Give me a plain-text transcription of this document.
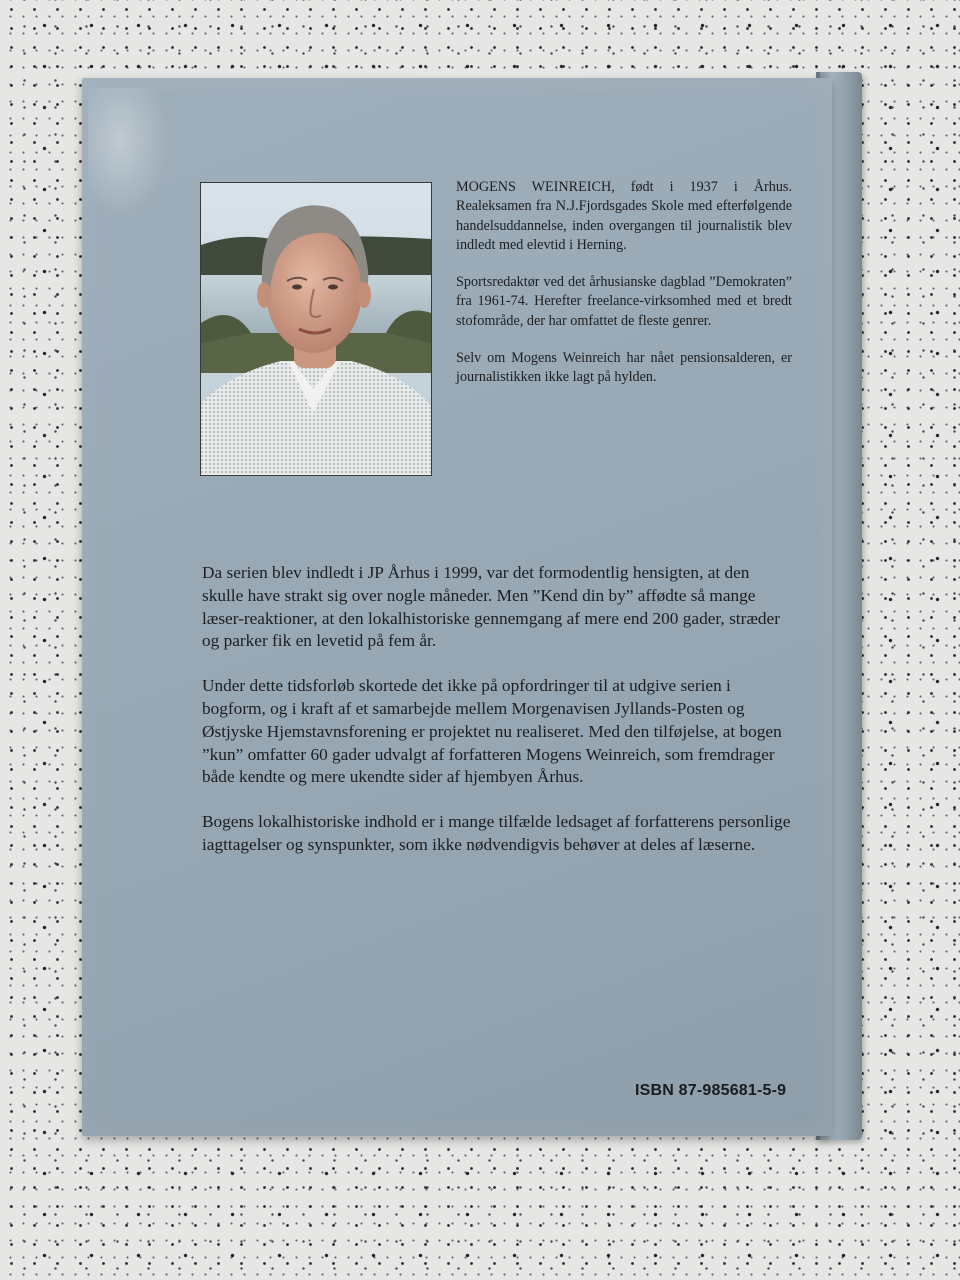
MOGENS WEINREICH, født i 1937 i Århus. Realeksamen fra N.J.Fjordsgades Skole med efterfølgende handelsuddannelse, inden overgangen til journalistik blev indledt med elevtid i Herning.

Sportsredaktør ved det århusianske dagblad ”Demokraten” fra 1961-74. Herefter freelance-virksomhed med et bredt stofområde, der har omfattet de fleste genrer.

Selv om Mogens Weinreich har nået pensionsalderen, er journalistikken ikke lagt på hylden.

Da serien blev indledt i JP Århus i 1999, var det formodentlig hensigten, at den skulle have strakt sig over nogle måneder. Men ”Kend din by” affødte så mange læser-reaktioner, at den lokalhistoriske gennemgang af mere end 200 gader, stræder og parker fik en levetid på fem år.

Under dette tidsforløb skortede det ikke på opfordringer til at udgive serien i bogform, og i kraft af et samarbejde mellem Morgenavisen Jyllands-Posten og Østjyske Hjemstavnsforening er projektet nu realiseret. Med den tilføjelse, at bogen ”kun” omfatter 60 gader udvalgt af forfatteren Mogens Weinreich, som fremdrager både kendte og mere ukendte sider af hjembyen Århus.

Bogens lokalhistoriske indhold er i mange tilfælde ledsaget af forfatterens personlige iagttagelser og synspunkter, som ikke nødvendigvis behøver at deles af læserne.

ISBN 87-985681-5-9
